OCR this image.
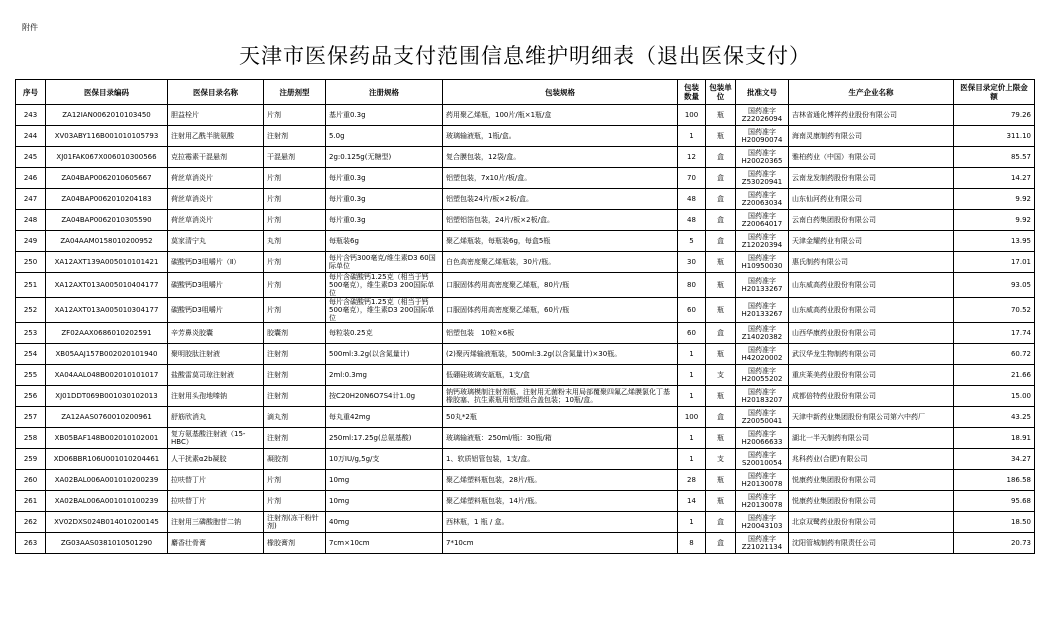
附件
天津市医保药品支付范围信息维护明细表（退出医保支付）
序号	医保目录编码	医保目录名称	注册剂型	注册规格	包装规格	包装数量	包装单位	批准文号	生产企业名称	医保目录定价上限金额
243	ZA12IAN0062010103450	胆益栓片	片剂	基片重0.3g	药用聚乙烯瓶，100片/瓶×1瓶/盒	100	瓶	国药准字Z22026094	吉林省通化博祥药业股份有限公司	79.26
244	XV03ABY116B001010105793	注射用乙酰半胱氨酸	注射剂	5.0g	玻璃输液瓶，1瓶/盒。	1	瓶	国药准字H20090074	海南灵康制药有限公司	311.10
245	XJ01FAK067X006010300566	克拉霉素干混悬剂	干混悬剂	2g:0.125g(无糖型)	复合膜包装，12袋/盒。	12	盒	国药准字H20020365	雅柏药业（中国）有限公司	85.57
246	ZA04BAP0062010605667	荷丝草消炎片	片剂	每片重0.3g	铝塑包装，7x10片/板/盒。	70	盒	国药准字Z53020941	云南龙发制药股份有限公司	14.27
247	ZA04BAP0062010204183	荷丝草消炎片	片剂	每片重0.3g	铝塑包装24片/板×2板/盒。	48	盒	国药准字Z20063034	山东仙河药业有限公司	9.92
248	ZA04BAP0062010305590	荷丝草消炎片	片剂	每片重0.3g	铝塑铝箔包装，24片/板×2板/盒。	48	盒	国药准字Z20064017	云南白药集团股份有限公司	9.92
249	ZA04AAM0158010200952	莫家清宁丸	丸剂	每瓶装6g	聚乙烯瓶装，每瓶装6g，每盒5瓶	5	盒	国药准字Z12020394	天津金耀药业有限公司	13.95
250	XA12AXT139A005010101421	碳酸钙D3咀嚼片（Ⅱ）	片剂	每片含钙300毫克/维生素D3 60国际单位	白色高密度聚乙烯瓶装，30片/瓶。	30	瓶	国药准字H10950030	惠氏制药有限公司	17.01
251	XA12AXT013A005010404177	碳酸钙D3咀嚼片	片剂	每片含碳酸钙1.25克（相当于钙500毫克），维生素D3 200国际单位	口服固体药用高密度聚乙烯瓶，80片/瓶	80	瓶	国药准字H20133267	山东威高药业股份有限公司	93.05
252	XA12AXT013A005010304177	碳酸钙D3咀嚼片	片剂	每片含碳酸钙1.25克（相当于钙500毫克），维生素D3 200国际单位	口服固体药用高密度聚乙烯瓶，60片/瓶	60	瓶	国药准字H20133267	山东威高药业股份有限公司	70.52
253	ZF02AAX0686010202591	辛芳鼻炎胶囊	胶囊剂	每粒装0.25克	铝塑包装　10粒×6板	60	盒	国药准字Z14020382	山西华康药业股份有限公司	17.74
254	XB05AAJ157B002020101940	聚明胶肽注射液	注射剂	500ml:3.2g(以含氮量计)	(2)聚丙烯输液瓶装，500ml:3.2g(以含氮量计)×30瓶。	1	瓶	国药准字H42020002	武汉华龙生物制药有限公司	60.72
255	XA04AAL048B002010101017	盐酸雷莫司琼注射液	注射剂	2ml:0.3mg	低硼硅玻璃安瓿瓶，1支/盒	1	支	国药准字H20055202	重庆莱美药业股份有限公司	21.66
256	XJ01DDT069B001030102013	注射用头孢地嗪钠	注射剂	按C20H20N6O7S4计1.0g	钠钙玻璃模制注射剂瓶、注射用无菌粉末用局部覆聚四氟乙烯膜氯化丁基橡胶塞、抗生素瓶用铝塑组合盖包装；10瓶/盒。	1	瓶	国药准字H20183207	成都倍特药业股份有限公司	15.00
257	ZA12AAS0760010200961	舒筋欣消丸	滴丸剂	每丸重42mg	50丸*2瓶	100	盒	国药准字Z20050041	天津中新药业集团股份有限公司第六中药厂	43.25
258	XB05BAF148B002010102001	复方氨基酸注射液（15-HBC）	注射剂	250ml:17.25g(总氨基酸)	玻璃输液瓶：250ml/瓶：30瓶/箱	1	瓶	国药准字H20066633	湖北一半天制药有限公司	18.91
259	XD06BBR106U001010204461	人干扰素α2b凝胶	凝胶剂	10万IU/g,5g/支	1、软质铝管包装，1支/盒。	1	支	国药准字S20010054	兆科药业(合肥)有限公司	34.27
260	XA02BAL006A001010200239	拉呋替丁片	片剂	10mg	聚乙烯塑料瓶包装，28片/瓶。	28	瓶	国药准字H20130078	悦康药业集团股份有限公司	186.58
261	XA02BAL006A001010100239	拉呋替丁片	片剂	10mg	聚乙烯塑料瓶包装，14片/瓶。	14	瓶	国药准字H20130078	悦康药业集团股份有限公司	95.68
262	XV02DXS024B014010200145	注射用三磷酸胞苷二钠	注射剂(冻干粉针剂)	40mg	西林瓶，1 瓶 / 盒。	1	盒	国药准字H20043103	北京双鹭药业股份有限公司	18.50
263	ZG03AAS0381010501290	麝香壮骨膏	橡胶膏剂	7cm×10cm	7*10cm	8	盒	国药准字Z21021134	沈阳管城制药有限责任公司	20.73
